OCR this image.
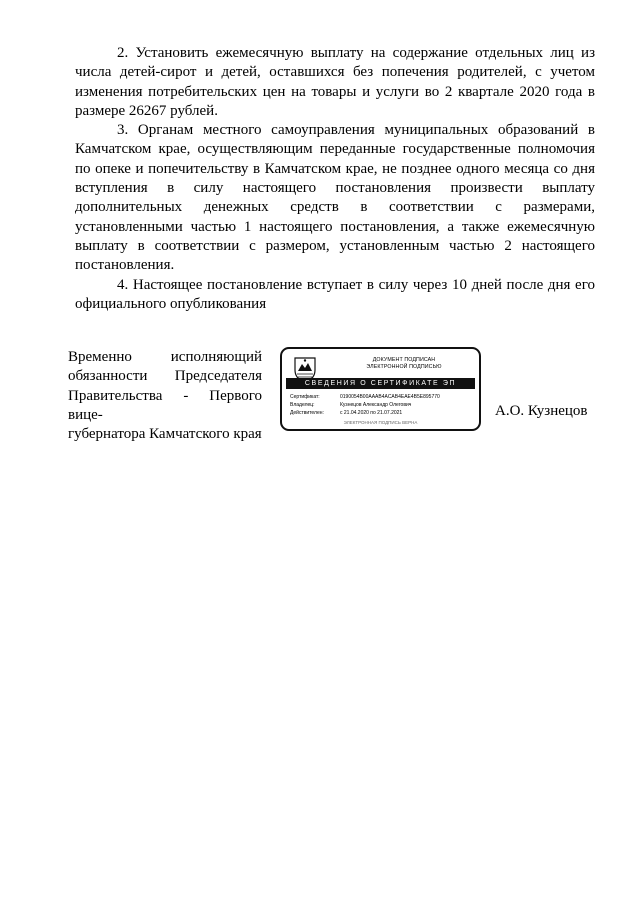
2. Установить ежемесячную выплату на содержание отдельных лиц из числа детей-сирот и детей, оставшихся без попечения родителей, с учетом изменения потребительских цен на товары и услуги во 2 квартале 2020 года в размере 26267 рублей.

3. Органам местного самоуправления муниципальных образований в Камчатском крае, осуществляющим переданные государственные полномочия по опеке и попечительству в Камчатском крае, не позднее одного месяца со дня вступления в силу настоящего постановления произвести выплату дополнительных денежных средств в соответствии с размерами, установленными частью 1 настоящего постановления, а также ежемесячную выплату в соответствии с размером, установленным частью 2 настоящего постановления.

4. Настоящее постановление вступает в силу через 10 дней после дня его официального опубликования

Временно исполняющий
обязанности Председателя
Правительства - Первого вице-
губернатора Камчатского края
ДОКУМЕНТ ПОДПИСАН
ЭЛЕКТРОННОЙ ПОДПИСЬЮ
СВЕДЕНИЯ О СЕРТИФИКАТЕ ЭП
Сертификат:	0190054B00AAAB4ACAB4EAE4B5E895770
Владелец:	Кузнецов Александр Олегович
Действителен:	с 21.04.2020 по 21.07.2021
ЭЛЕКТРОННАЯ ПОДПИСЬ ВЕРНА
А.О. Кузнецов
